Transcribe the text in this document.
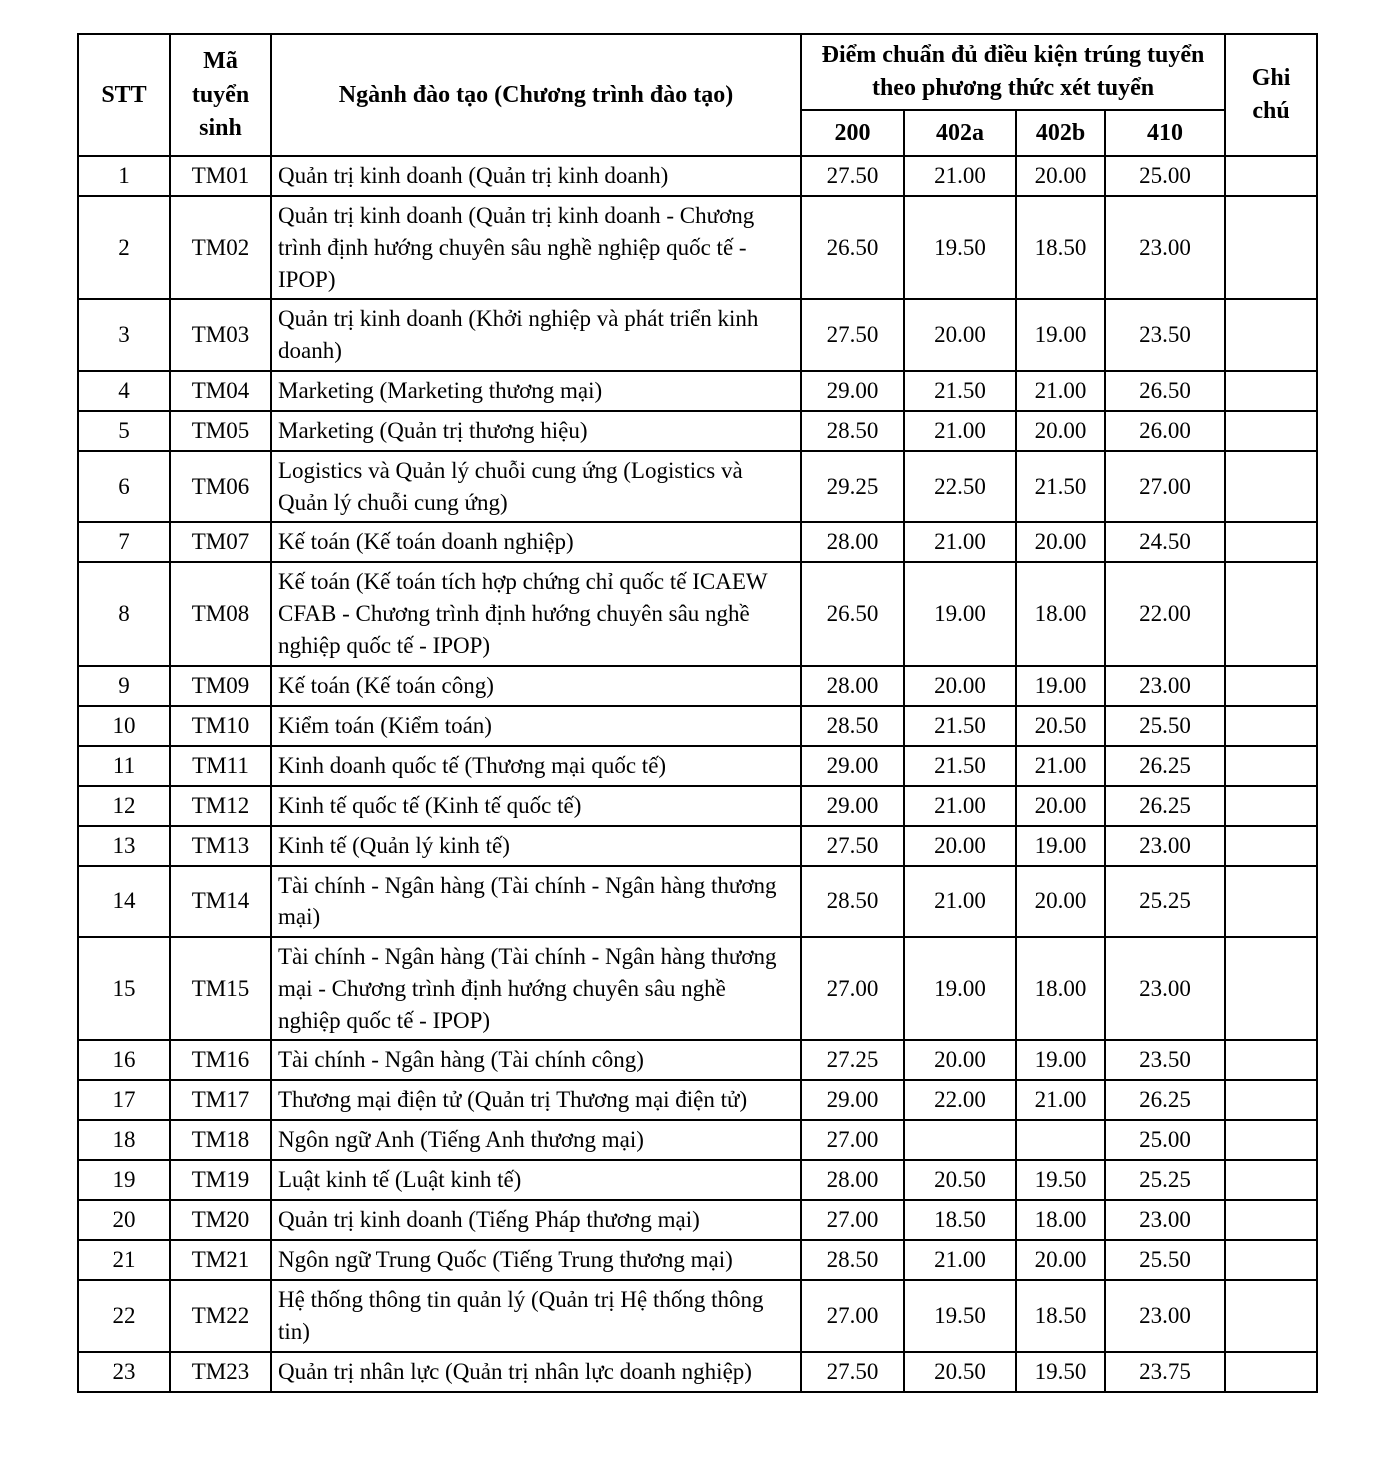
STT	Mã tuyển sinh	Ngành đào tạo (Chương trình đào tạo)	Điểm chuẩn đủ điều kiện trúng tuyển theo phương thức xét tuyển				Ghi chú
			200	402a	402b	410	
1	TM01	Quản trị kinh doanh (Quản trị kinh doanh)	27.50	21.00	20.00	25.00	
2	TM02	Quản trị kinh doanh (Quản trị kinh doanh - Chương trình định hướng chuyên sâu nghề nghiệp quốc tế - IPOP)	26.50	19.50	18.50	23.00	
3	TM03	Quản trị kinh doanh (Khởi nghiệp và phát triển kinh doanh)	27.50	20.00	19.00	23.50	
4	TM04	Marketing (Marketing thương mại)	29.00	21.50	21.00	26.50	
5	TM05	Marketing (Quản trị thương hiệu)	28.50	21.00	20.00	26.00	
6	TM06	Logistics và Quản lý chuỗi cung ứng (Logistics và Quản lý chuỗi cung ứng)	29.25	22.50	21.50	27.00	
7	TM07	Kế toán (Kế toán doanh nghiệp)	28.00	21.00	20.00	24.50	
8	TM08	Kế toán (Kế toán tích hợp chứng chỉ quốc tế ICAEW CFAB - Chương trình định hướng chuyên sâu nghề nghiệp quốc tế - IPOP)	26.50	19.00	18.00	22.00	
9	TM09	Kế toán (Kế toán công)	28.00	20.00	19.00	23.00	
10	TM10	Kiểm toán (Kiểm toán)	28.50	21.50	20.50	25.50	
11	TM11	Kinh doanh quốc tế (Thương mại quốc tế)	29.00	21.50	21.00	26.25	
12	TM12	Kinh tế quốc tế (Kinh tế quốc tế)	29.00	21.00	20.00	26.25	
13	TM13	Kinh tế (Quản lý kinh tế)	27.50	20.00	19.00	23.00	
14	TM14	Tài chính - Ngân hàng (Tài chính - Ngân hàng thương mại)	28.50	21.00	20.00	25.25	
15	TM15	Tài chính - Ngân hàng (Tài chính - Ngân hàng thương mại - Chương trình định hướng chuyên sâu nghề nghiệp quốc tế - IPOP)	27.00	19.00	18.00	23.00	
16	TM16	Tài chính - Ngân hàng (Tài chính công)	27.25	20.00	19.00	23.50	
17	TM17	Thương mại điện tử (Quản trị Thương mại điện tử)	29.00	22.00	21.00	26.25	
18	TM18	Ngôn ngữ Anh (Tiếng Anh thương mại)	27.00			25.00	
19	TM19	Luật kinh tế (Luật kinh tế)	28.00	20.50	19.50	25.25	
20	TM20	Quản trị kinh doanh (Tiếng Pháp thương mại)	27.00	18.50	18.00	23.00	
21	TM21	Ngôn ngữ Trung Quốc (Tiếng Trung thương mại)	28.50	21.00	20.00	25.50	
22	TM22	Hệ thống thông tin quản lý (Quản trị Hệ thống thông tin)	27.00	19.50	18.50	23.00	
23	TM23	Quản trị nhân lực (Quản trị nhân lực doanh nghiệp)	27.50	20.50	19.50	23.75	
